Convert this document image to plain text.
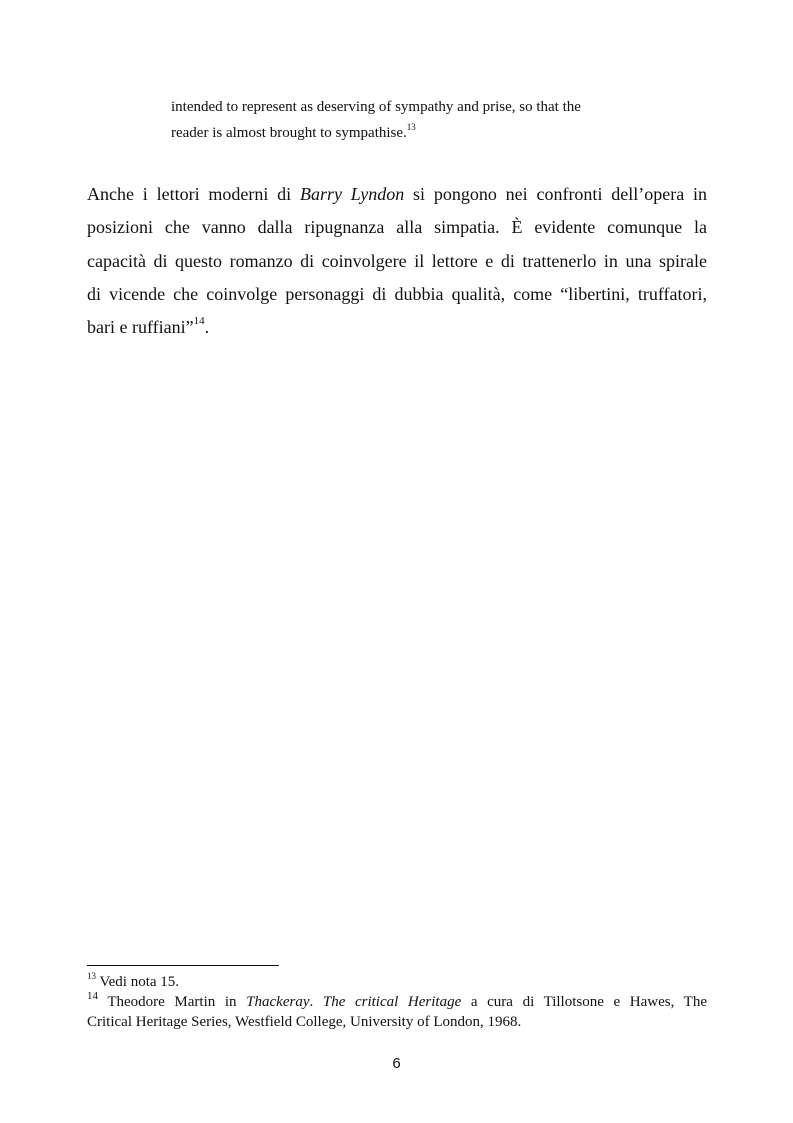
intended to represent as deserving of sympathy and prise, so that the
reader is almost brought to sympathise.$^{13}$
Anche i lettori moderni di Barry Lyndon si pongono nei confronti dell’opera in
posizioni che vanno dalla ripugnanza alla simpatia. È evidente comunque la
capacità di questo romanzo di coinvolgere il lettore e di trattenerlo in una spirale
di vicende che coinvolge personaggi di dubbia qualità, come “libertini, truffatori,
bari e ruffiani”$^{14}$.
$^{13}$ Vedi nota 15.
$^{14}$ Theodore Martin in Thackeray. The critical Heritage a cura di Tillotsone e Hawes, The
Critical Heritage Series, Westfield College, University of London, 1968.
6
